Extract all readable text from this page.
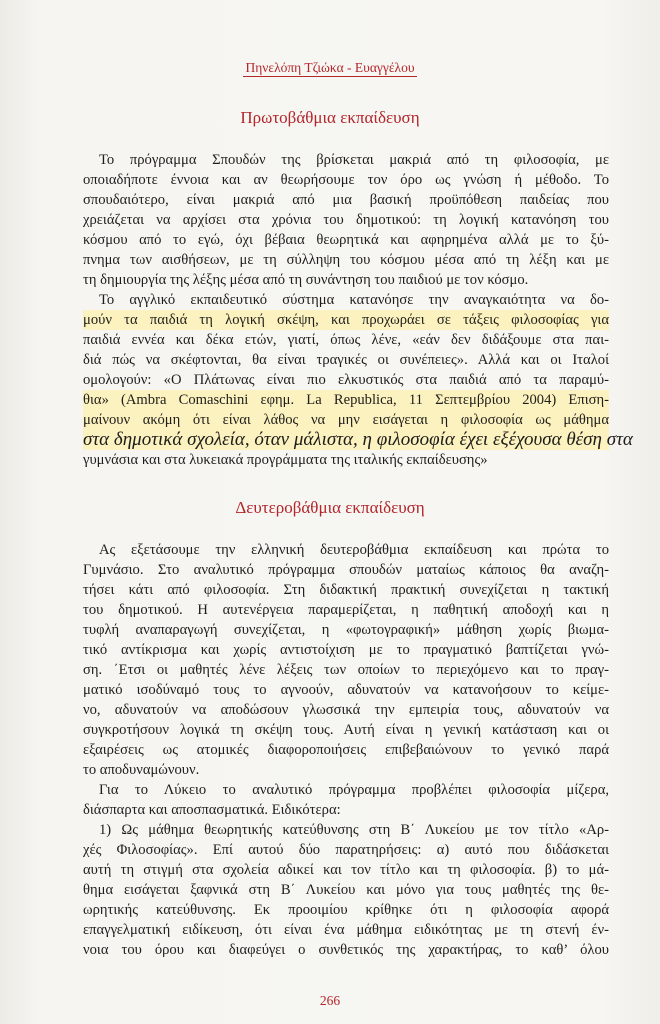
Πηνελόπη Τζιώκα - Ευαγγέλου
Πρωτοβάθμια εκπαίδευση
Το πρόγραμμα Σπουδών της βρίσκεται μακριά από τη φιλοσοφία, με
οποιαδήποτε έννοια και αν θεωρήσουμε τον όρο ως γνώση ή μέθοδο. Το
σπουδαιότερο, είναι μακριά από μια βασική προϋπόθεση παιδείας που
χρειάζεται να αρχίσει στα χρόνια του δημοτικού: τη λογική κατανόηση του
κόσμου από το εγώ, όχι βέβαια θεωρητικά και αφηρημένα αλλά με το ξύ-
πνημα των αισθήσεων, με τη σύλληψη του κόσμου μέσα από τη λέξη και με
τη δημιουργία της λέξης μέσα από τη συνάντηση του παιδιού με τον κόσμο.
Το αγγλικό εκπαιδευτικό σύστημα κατανόησε την αναγκαιότητα να δο-
μούν τα παιδιά τη λογική σκέψη, και προχωράει σε τάξεις φιλοσοφίας για
παιδιά εννέα και δέκα ετών, γιατί, όπως λένε, «εάν δεν διδάξουμε στα παι-
διά πώς να σκέφτονται, θα είναι τραγικές οι συνέπειες». Αλλά και οι Ιταλοί
ομολογούν: «Ο Πλάτωνας είναι πιο ελκυστικός στα παιδιά από τα παραμύ-
θια» (Ambra Comaschini εφημ. La Republica, 11 Σεπτεμβρίου 2004) Επιση-
μαίνουν ακόμη ότι είναι λάθος να μην εισάγεται η φιλοσοφία ως μάθημα
στα δημοτικά σχολεία, όταν μάλιστα, η φιλοσοφία έχει εξέχουσα θέση στα
γυμνάσια και στα λυκειακά προγράμματα της ιταλικής εκπαίδευσης»
Δευτεροβάθμια εκπαίδευση
Ας εξετάσουμε την ελληνική δευτεροβάθμια εκπαίδευση και πρώτα το
Γυμνάσιο. Στο αναλυτικό πρόγραμμα σπουδών ματαίως κάποιος θα αναζη-
τήσει κάτι από φιλοσοφία. Στη διδακτική πρακτική συνεχίζεται η τακτική
του δημοτικού. Η αυτενέργεια παραμερίζεται, η παθητική αποδοχή και η
τυφλή αναπαραγωγή συνεχίζεται, η «φωτογραφική» μάθηση χωρίς βιωμα-
τικό αντίκρισμα και χωρίς αντιστοίχιση με το πραγματικό βαπτίζεται γνώ-
ση. ΄Ετσι οι μαθητές λένε λέξεις των οποίων το περιεχόμενο και το πραγ-
ματικό ισοδύναμό τους το αγνοούν, αδυνατούν να κατανοήσουν το κείμε-
νο, αδυνατούν να αποδώσουν γλωσσικά την εμπειρία τους, αδυνατούν να
συγκροτήσουν λογικά τη σκέψη τους. Αυτή είναι η γενική κατάσταση και οι
εξαιρέσεις ως ατομικές διαφοροποιήσεις επιβεβαιώνουν το γενικό παρά
το αποδυναμώνουν.
Για το Λύκειο το αναλυτικό πρόγραμμα προβλέπει φιλοσοφία μίζερα,
διάσπαρτα και αποσπασματικά. Ειδικότερα:
1) Ως μάθημα θεωρητικής κατεύθυνσης στη Β΄ Λυκείου με τον τίτλο «Αρ-
χές Φιλοσοφίας». Επί αυτού δύο παρατηρήσεις: α) αυτό που διδάσκεται
αυτή τη στιγμή στα σχολεία αδικεί και τον τίτλο και τη φιλοσοφία. β) το μά-
θημα εισάγεται ξαφνικά στη Β΄ Λυκείου και μόνο για τους μαθητές της θε-
ωρητικής κατεύθυνσης. Εκ προοιμίου κρίθηκε ότι η φιλοσοφία αφορά
επαγγελματική ειδίκευση, ότι είναι ένα μάθημα ειδικότητας με τη στενή έν-
νοια του όρου και διαφεύγει ο συνθετικός της χαρακτήρας, το καθ’ όλου
266
